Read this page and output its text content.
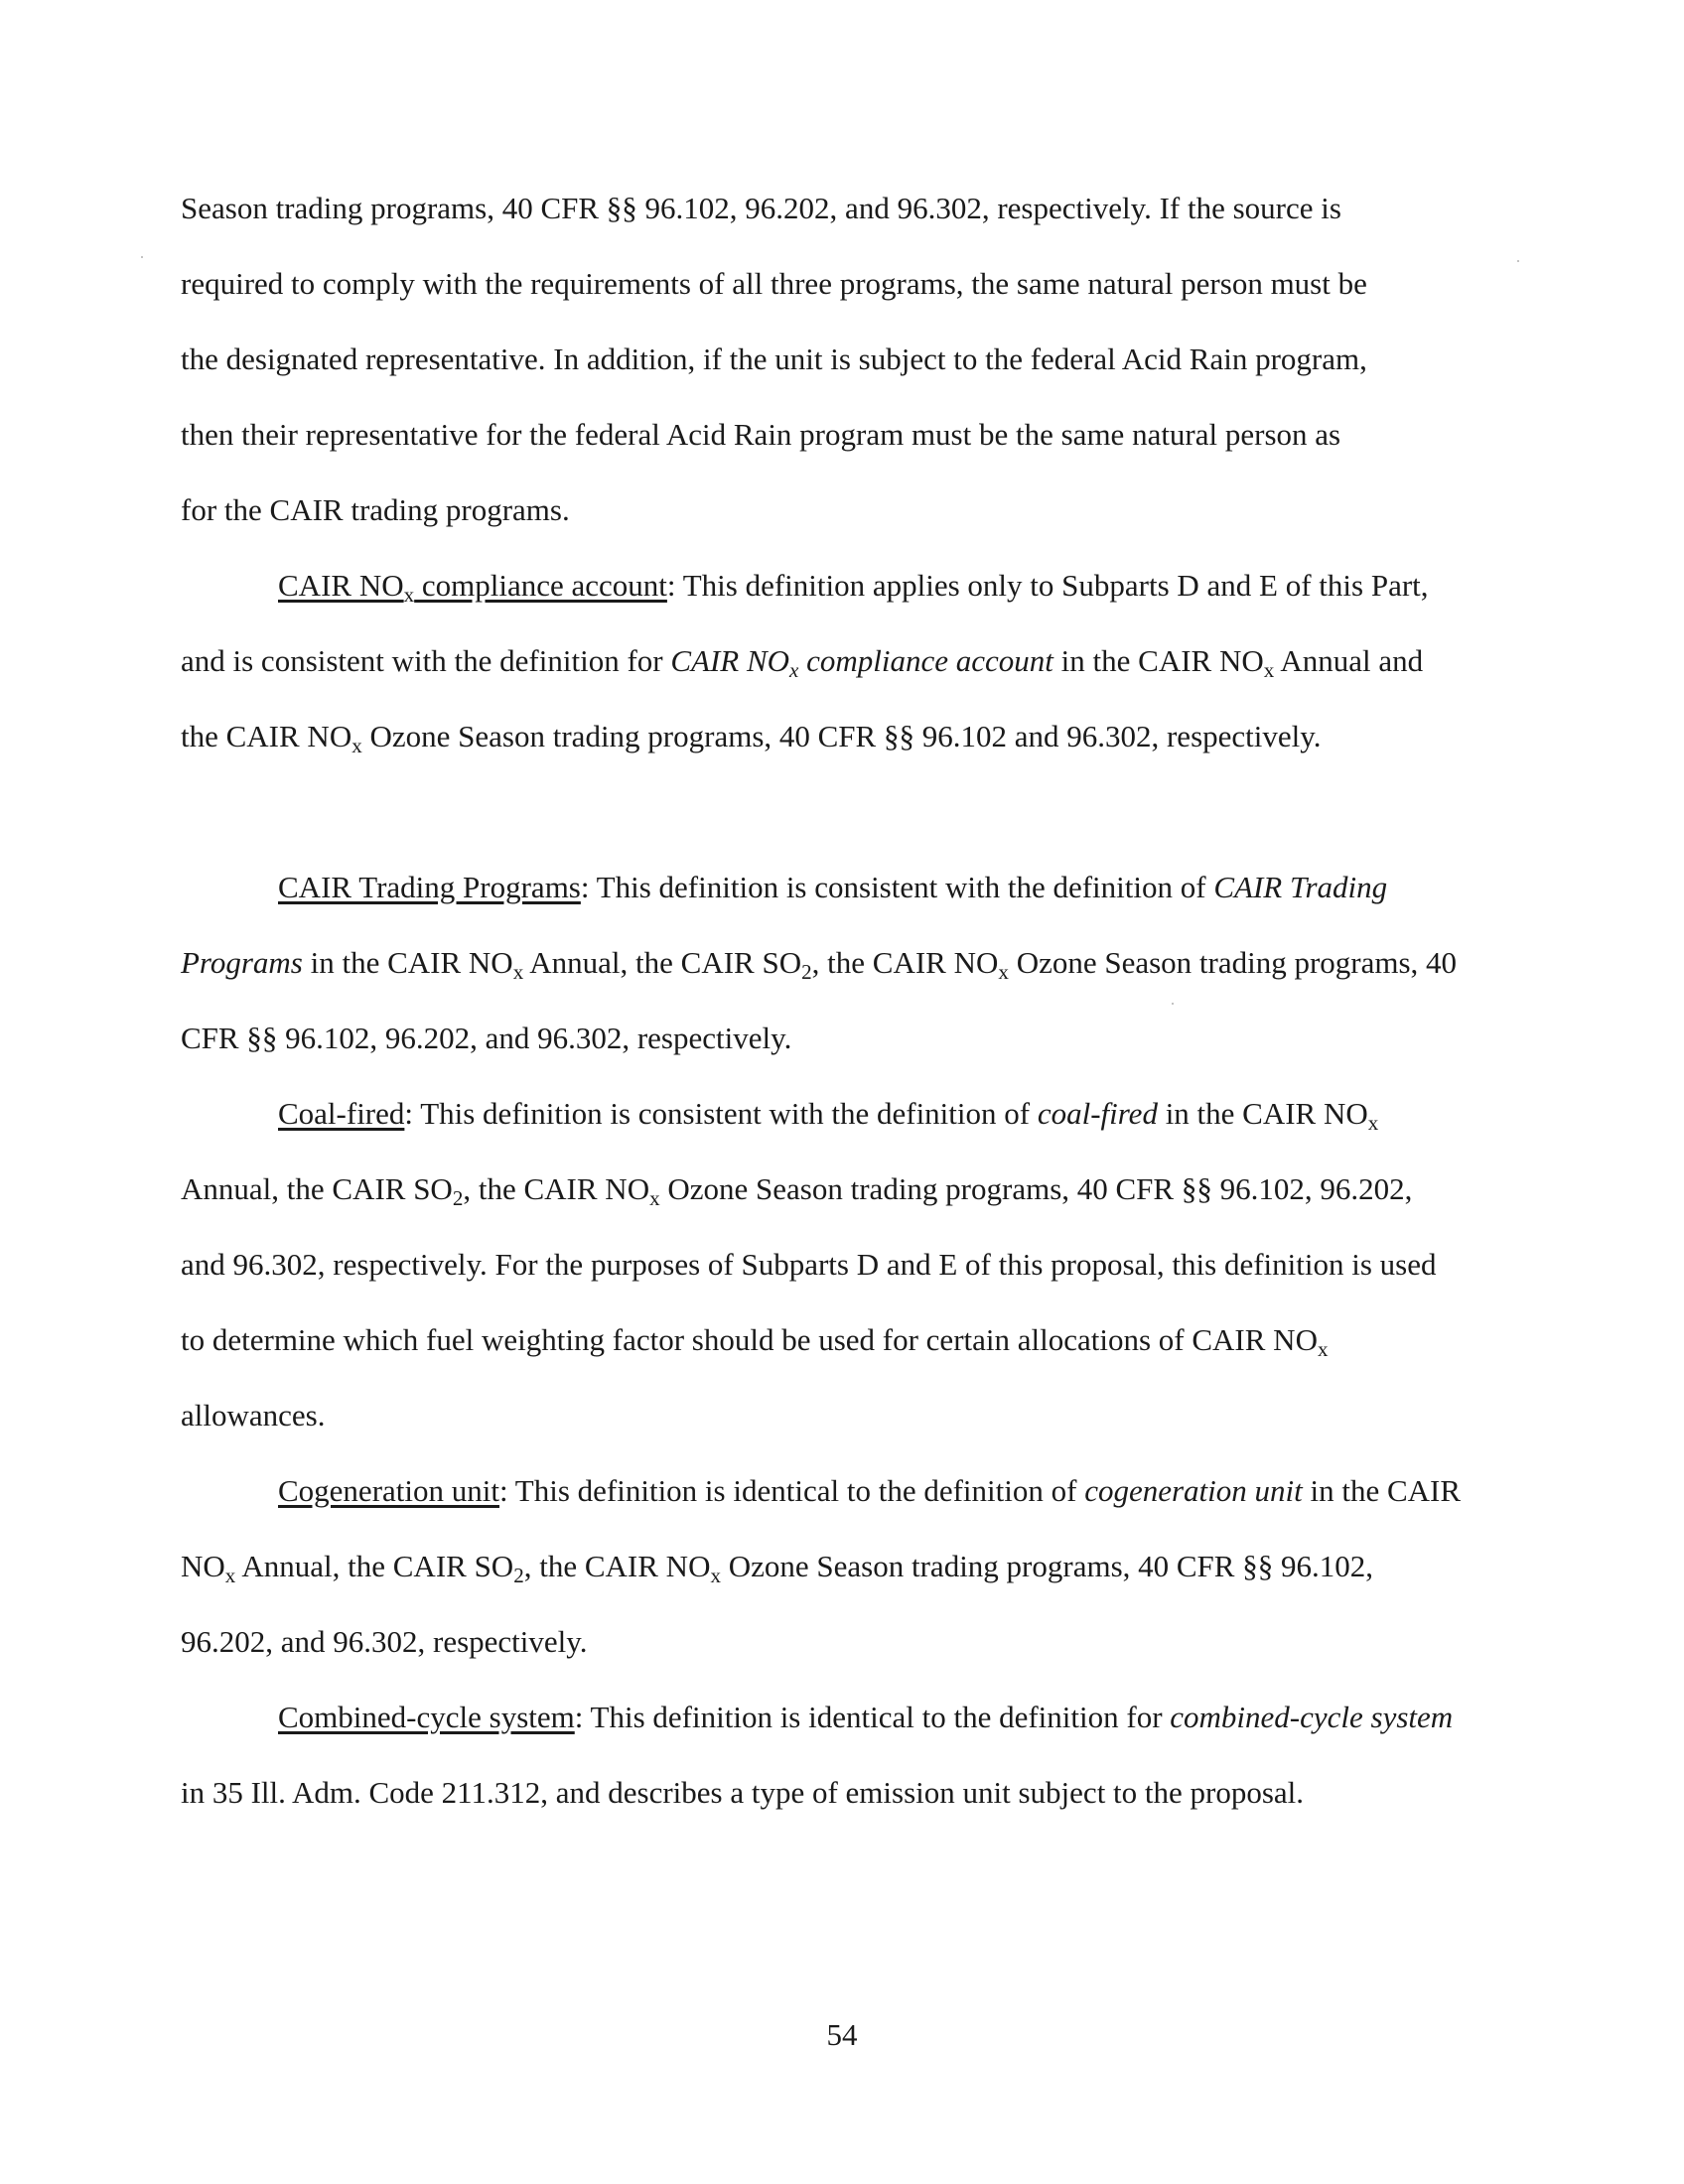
Season trading programs, 40 CFR §§ 96.102, 96.202, and 96.302, respectively. If the source is
required to comply with the requirements of all three programs, the same natural person must be
the designated representative. In addition, if the unit is subject to the federal Acid Rain program,
then their representative for the federal Acid Rain program must be the same natural person as
for the CAIR trading programs.

CAIR $NO_x$ compliance account: This definition applies only to Subparts D and E of this Part, and is consistent with the definition for CAIR $NO_x$ compliance account in the CAIR $NO_x$ Annual and the CAIR $NO_x$ Ozone Season trading programs, 40 CFR §§ 96.102 and 96.302, respectively.

CAIR Trading Programs: This definition is consistent with the definition of CAIR Trading Programs in the CAIR $NO_x$ Annual, the CAIR $SO_2$, the CAIR $NO_x$ Ozone Season trading programs, 40 CFR §§ 96.102, 96.202, and 96.302, respectively.

Coal-fired: This definition is consistent with the definition of coal-fired in the CAIR $NO_x$ Annual, the CAIR $SO_2$, the CAIR $NO_x$ Ozone Season trading programs, 40 CFR §§ 96.102, 96.202, and 96.302, respectively. For the purposes of Subparts D and E of this proposal, this definition is used to determine which fuel weighting factor should be used for certain allocations of CAIR $NO_x$ allowances.

Cogeneration unit: This definition is identical to the definition of cogeneration unit in the CAIR $NO_x$ Annual, the CAIR $SO_2$, the CAIR $NO_x$ Ozone Season trading programs, 40 CFR §§ 96.102, 96.202, and 96.302, respectively.

Combined-cycle system: This definition is identical to the definition for combined-cycle system in 35 Ill. Adm. Code 211.312, and describes a type of emission unit subject to the proposal.

54
